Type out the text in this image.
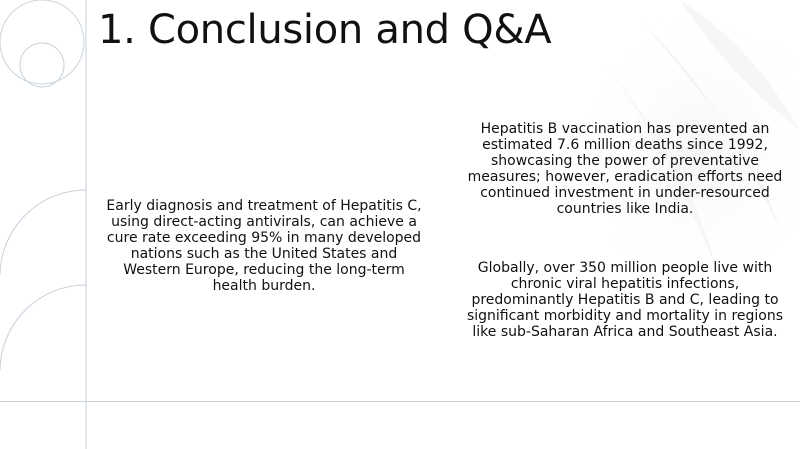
1. Conclusion and Q&A
Early diagnosis and treatment of Hepatitis C, using direct-acting antivirals, can achieve a cure rate exceeding 95% in many developed nations such as the United States and Western Europe, reducing the long-term health burden.
Hepatitis B vaccination has prevented an estimated 7.6 million deaths since 1992, showcasing the power of preventative measures; however, eradication efforts need continued investment in under-resourced countries like India.
Globally, over 350 million people live with chronic viral hepatitis infections, predominantly Hepatitis B and C, leading to significant morbidity and mortality in regions like sub-Saharan Africa and Southeast Asia.
